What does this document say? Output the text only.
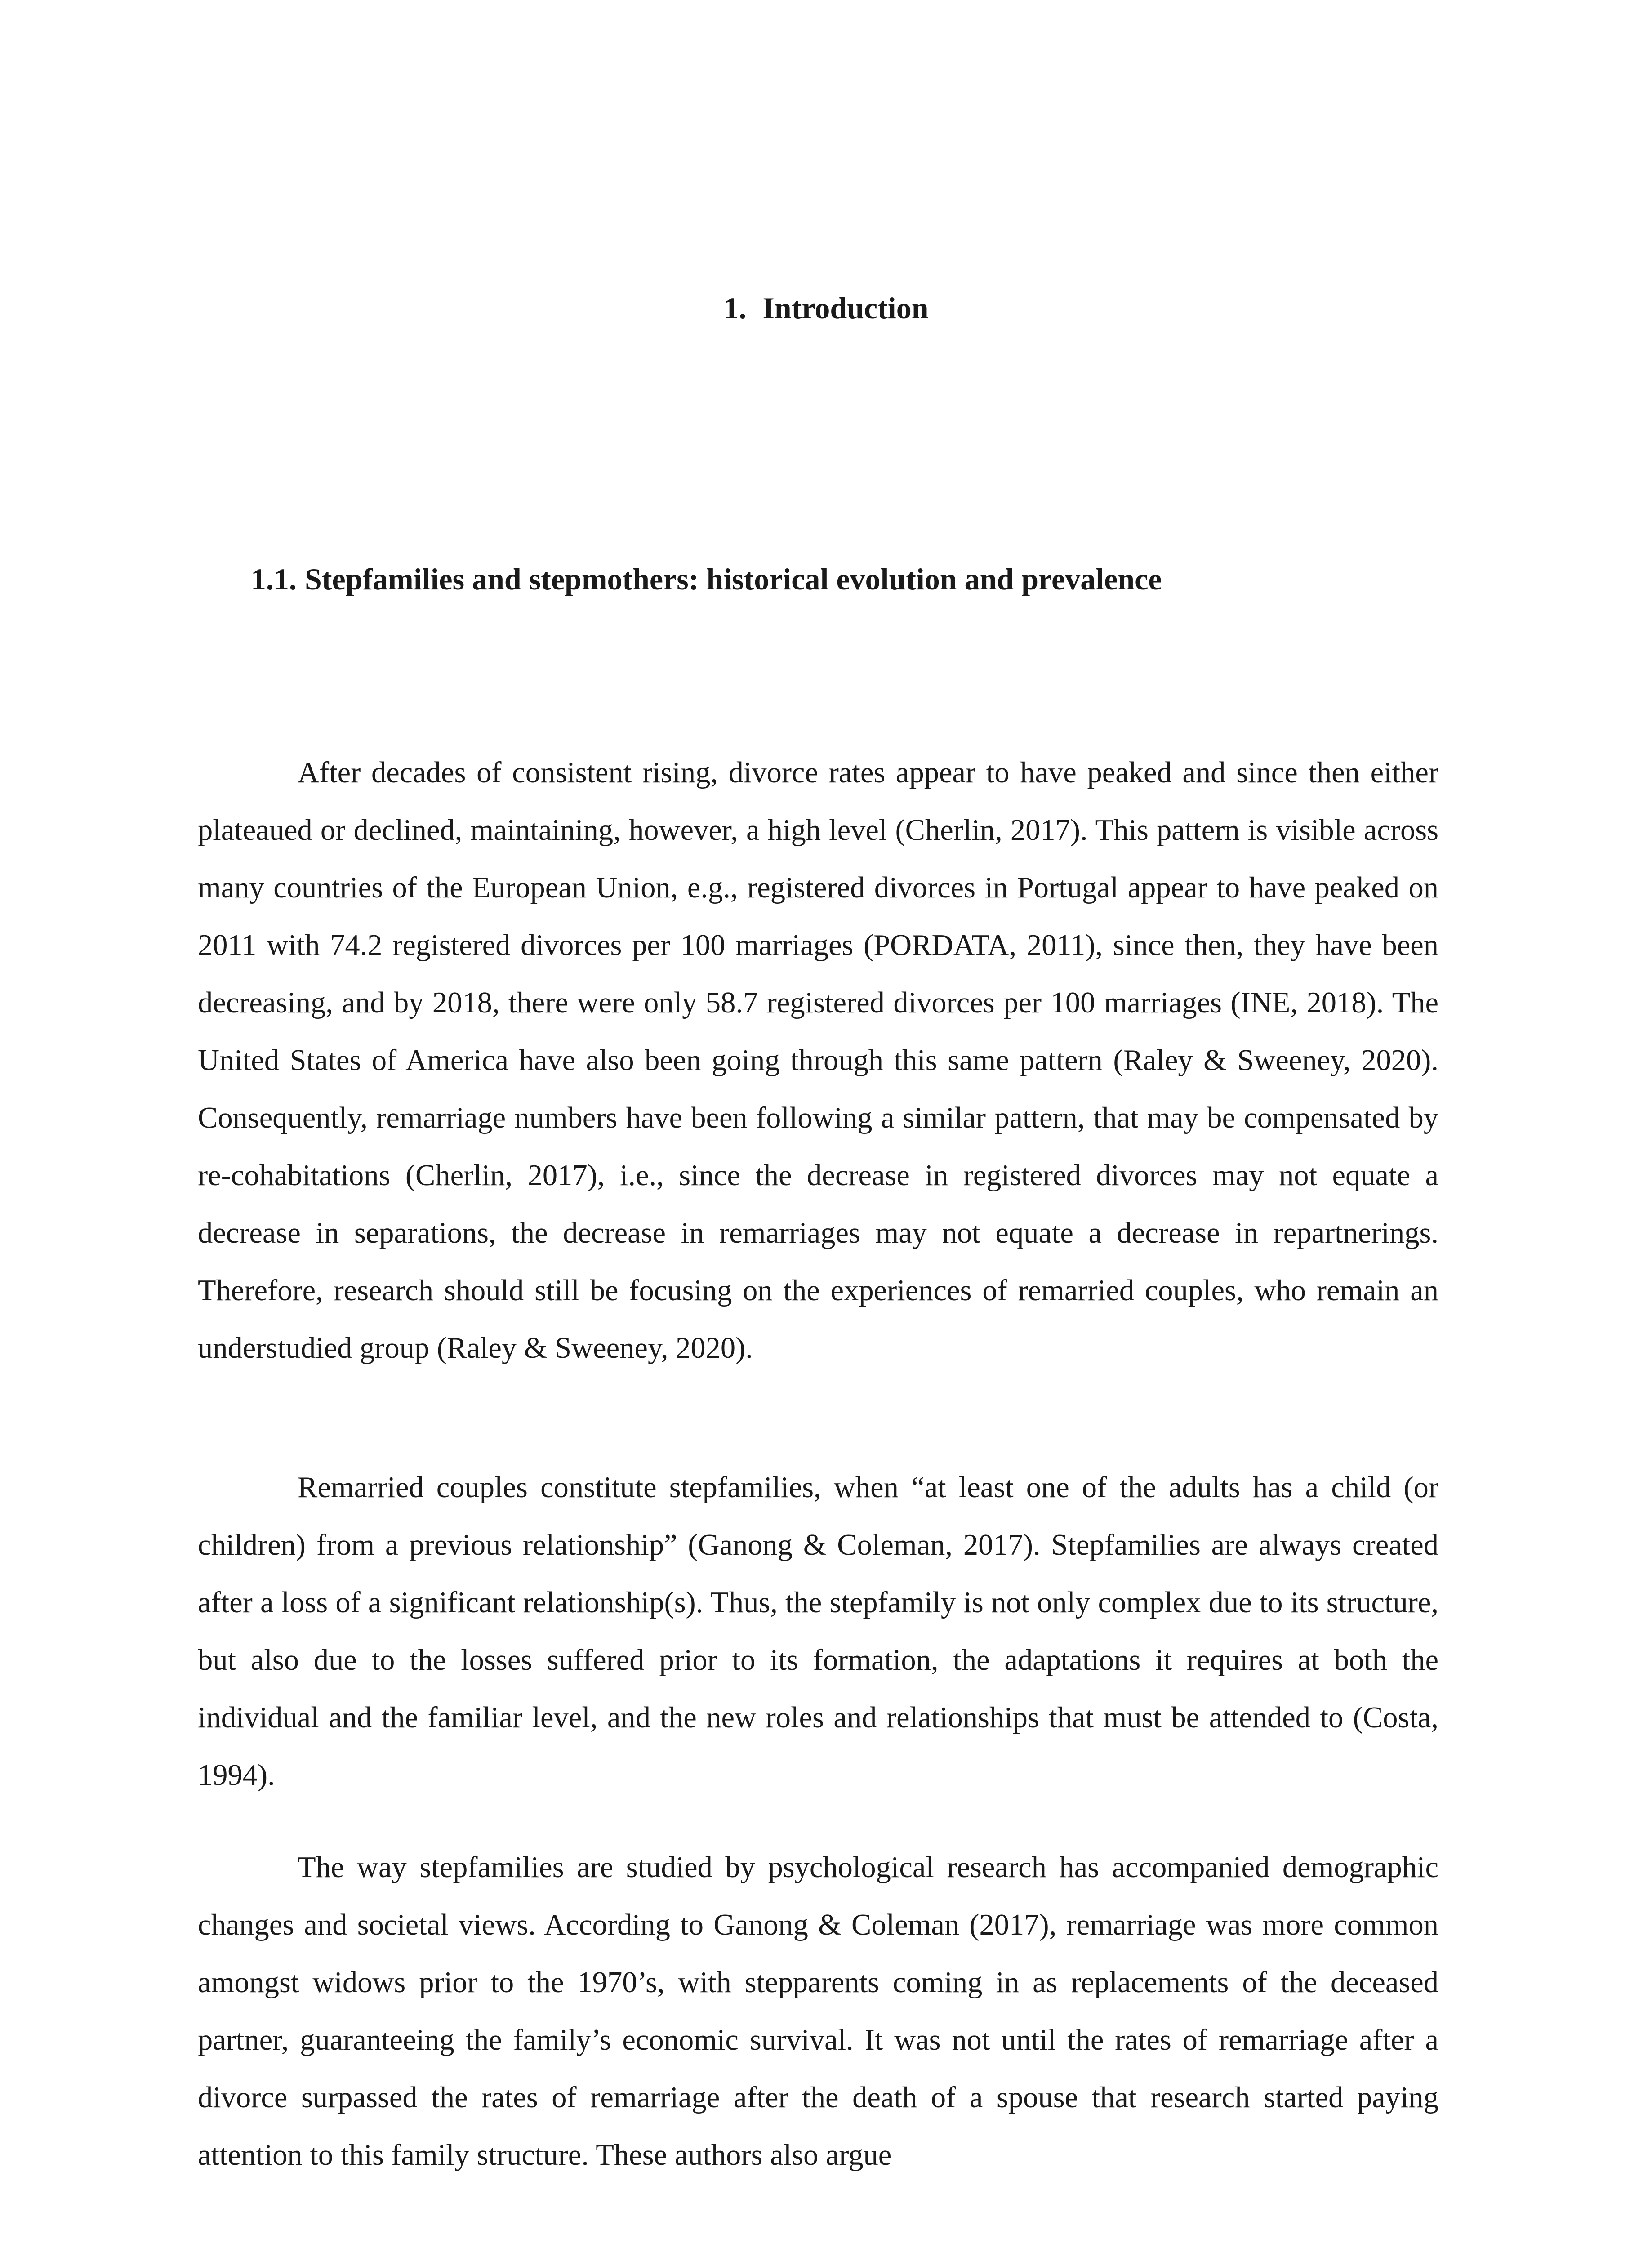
1. Introduction
1.1. Stepfamilies and stepmothers: historical evolution and prevalence

After decades of consistent rising, divorce rates appear to have peaked and since then either plateaued or declined, maintaining, however, a high level (Cherlin, 2017). This pattern is visible across many countries of the European Union, e.g., registered divorces in Portugal appear to have peaked on 2011 with 74.2 registered divorces per 100 marriages (PORDATA, 2011), since then, they have been decreasing, and by 2018, there were only 58.7 registered divorces per 100 marriages (INE, 2018). The United States of America have also been going through this same pattern (Raley & Sweeney, 2020). Consequently, remarriage numbers have been following a similar pattern, that may be compensated by re-cohabitations (Cherlin, 2017), i.e., since the decrease in registered divorces may not equate a decrease in separations, the decrease in remarriages may not equate a decrease in repartnerings. Therefore, research should still be focusing on the experiences of remarried couples, who remain an understudied group (Raley & Sweeney, 2020).

Remarried couples constitute stepfamilies, when “at least one of the adults has a child (or children) from a previous relationship” (Ganong & Coleman, 2017). Stepfamilies are always created after a loss of a significant relationship(s). Thus, the stepfamily is not only complex due to its structure, but also due to the losses suffered prior to its formation, the adaptations it requires at both the individual and the familiar level, and the new roles and relationships that must be attended to (Costa, 1994).

The way stepfamilies are studied by psychological research has accompanied demographic changes and societal views. According to Ganong & Coleman (2017), remarriage was more common amongst widows prior to the 1970’s, with stepparents coming in as replacements of the deceased partner, guaranteeing the family’s economic survival. It was not until the rates of remarriage after a divorce surpassed the rates of remarriage after the death of a spouse that research started paying attention to this family structure. These authors also argue
